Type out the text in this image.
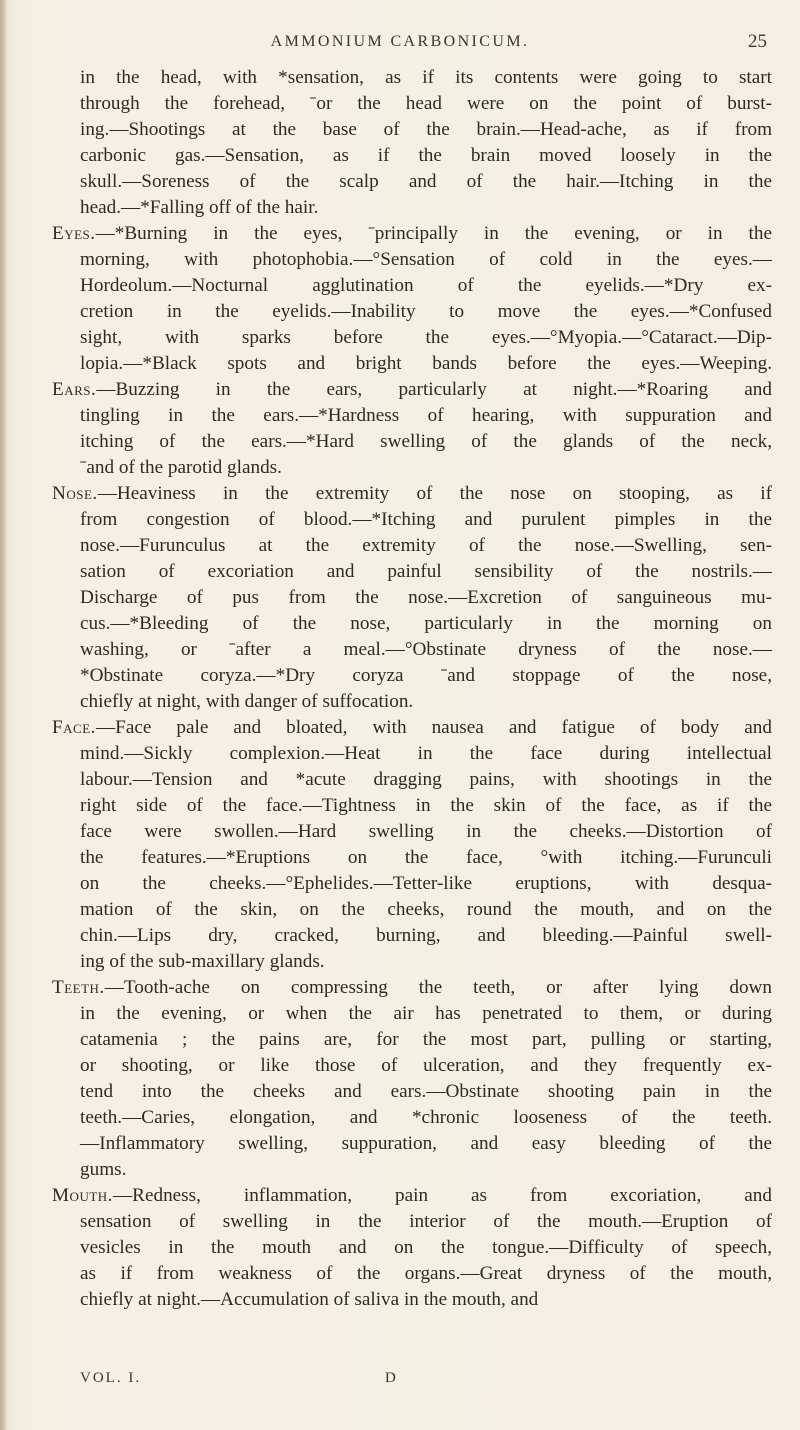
AMMONIUM CARBONICUM.	25
in the head, with *sensation, as if its contents were going to start
through the forehead, ˉor the head were on the point of burst-
ing.—Shootings at the base of the brain.—Head-ache, as if from
carbonic gas.—Sensation, as if the brain moved loosely in the
skull.—Soreness of the scalp and of the hair.—Itching in the
head.—*Falling off of the hair.
Eyes.—*Burning in the eyes, ˉprincipally in the evening, or in the
morning, with photophobia.—°Sensation of cold in the eyes.—
Hordeolum.—Nocturnal agglutination of the eyelids.—*Dry ex-
cretion in the eyelids.—Inability to move the eyes.—*Confused
sight, with sparks before the eyes.—°Myopia.—°Cataract.—Dip-
lopia.—*Black spots and bright bands before the eyes.—Weeping.
Ears.—Buzzing in the ears, particularly at night.—*Roaring and
tingling in the ears.—*Hardness of hearing, with suppuration and
itching of the ears.—*Hard swelling of the glands of the neck,
ˉand of the parotid glands.
Nose.—Heaviness in the extremity of the nose on stooping, as if
from congestion of blood.—*Itching and purulent pimples in the
nose.—Furunculus at the extremity of the nose.—Swelling, sen-
sation of excoriation and painful sensibility of the nostrils.—
Discharge of pus from the nose.—Excretion of sanguineous mu-
cus.—*Bleeding of the nose, particularly in the morning on
washing, or ˉafter a meal.—°Obstinate dryness of the nose.—
*Obstinate coryza.—*Dry coryza ˉand stoppage of the nose,
chiefly at night, with danger of suffocation.
Face.—Face pale and bloated, with nausea and fatigue of body and
mind.—Sickly complexion.—Heat in the face during intellectual
labour.—Tension and *acute dragging pains, with shootings in the
right side of the face.—Tightness in the skin of the face, as if the
face were swollen.—Hard swelling in the cheeks.—Distortion of
the features.—*Eruptions on the face, °with itching.—Furunculi
on the cheeks.—°Ephelides.—Tetter-like eruptions, with desqua-
mation of the skin, on the cheeks, round the mouth, and on the
chin.—Lips dry, cracked, burning, and bleeding.—Painful swell-
ing of the sub-maxillary glands.
Teeth.—Tooth-ache on compressing the teeth, or after lying down
in the evening, or when the air has penetrated to them, or during
catamenia ; the pains are, for the most part, pulling or starting,
or shooting, or like those of ulceration, and they frequently ex-
tend into the cheeks and ears.—Obstinate shooting pain in the
teeth.—Caries, elongation, and *chronic looseness of the teeth.
—Inflammatory swelling, suppuration, and easy bleeding of the
gums.
Mouth.—Redness, inflammation, pain as from excoriation, and
sensation of swelling in the interior of the mouth.—Eruption of
vesicles in the mouth and on the tongue.—Difficulty of speech,
as if from weakness of the organs.—Great dryness of the mouth,
chiefly at night.—Accumulation of saliva in the mouth, and
VOL. I.	D
